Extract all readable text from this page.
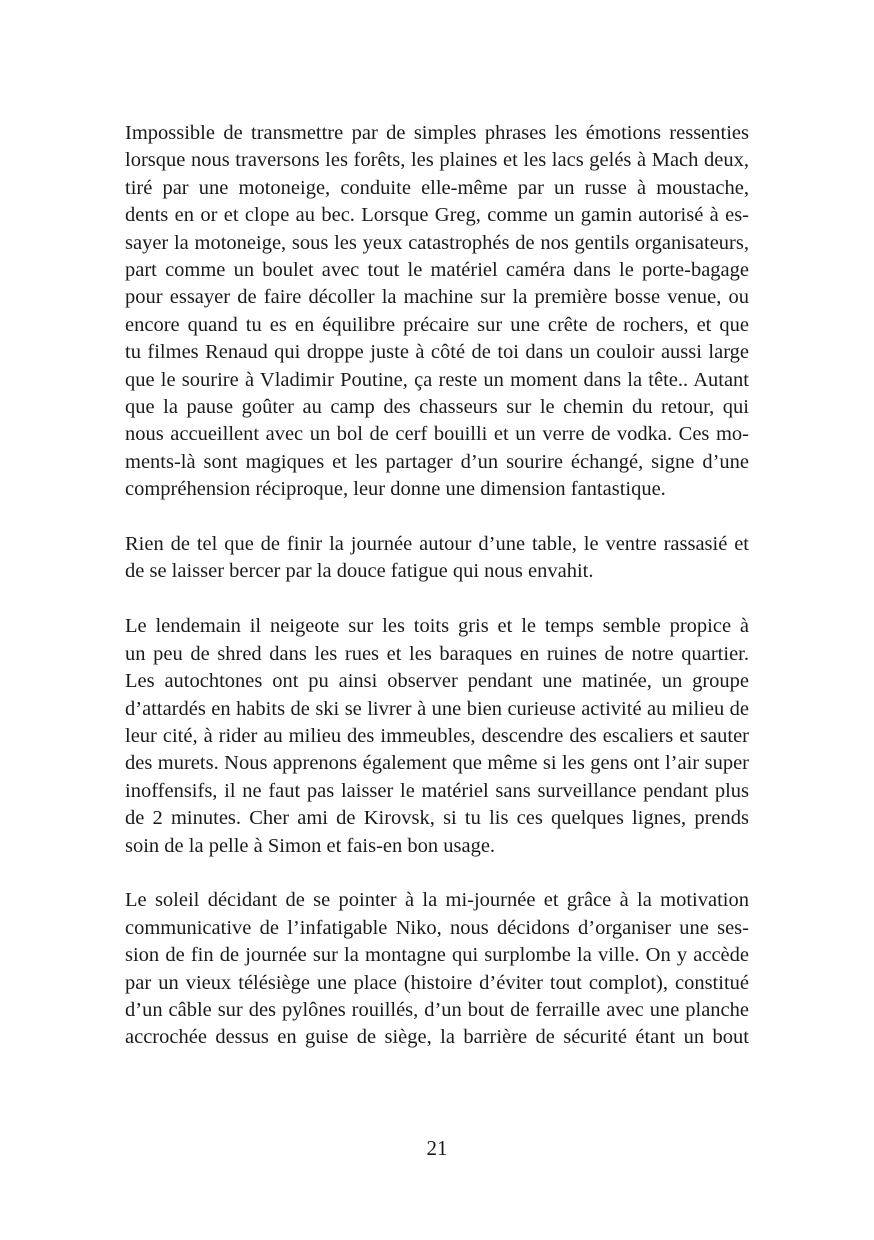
Impossible de transmettre par de simples phrases les émotions ressenties
lorsque nous traversons les forêts, les plaines et les lacs gelés à Mach deux,
tiré par une motoneige, conduite elle-même par un russe à moustache,
dents en or et clope au bec. Lorsque Greg, comme un gamin autorisé à es-
sayer la motoneige, sous les yeux catastrophés de nos gentils organisateurs,
part comme un boulet avec tout le matériel caméra dans le porte-bagage
pour essayer de faire décoller la machine sur la première bosse venue, ou
encore quand tu es en équilibre précaire sur une crête de rochers, et que
tu filmes Renaud qui droppe juste à côté de toi dans un couloir aussi large
que le sourire à Vladimir Poutine, ça reste un moment dans la tête.. Autant
que la pause goûter au camp des chasseurs sur le chemin du retour, qui
nous accueillent avec un bol de cerf bouilli et un verre de vodka. Ces mo-
ments-là sont magiques et les partager d’un sourire échangé, signe d’une
compréhension réciproque, leur donne une dimension fantastique.
Rien de tel que de finir la journée autour d’une table, le ventre rassasié et
de se laisser bercer par la douce fatigue qui nous envahit.
Le lendemain il neigeote sur les toits gris et le temps semble propice à
un peu de shred dans les rues et les baraques en ruines de notre quartier.
Les autochtones ont pu ainsi observer pendant une matinée, un groupe
d’attardés en habits de ski se livrer à une bien curieuse activité au milieu de
leur cité, à rider au milieu des immeubles, descendre des escaliers et sauter
des murets. Nous apprenons également que même si les gens ont l’air super
inoffensifs, il ne faut pas laisser le matériel sans surveillance pendant plus
de 2 minutes. Cher ami de Kirovsk, si tu lis ces quelques lignes, prends
soin de la pelle à Simon et fais-en bon usage.
Le soleil décidant de se pointer à la mi-journée et grâce à la motivation
communicative de l’infatigable Niko, nous décidons d’organiser une ses-
sion de fin de journée sur la montagne qui surplombe la ville. On y accède
par un vieux télésiège une place (histoire d’éviter tout complot), constitué
d’un câble sur des pylônes rouillés, d’un bout de ferraille avec une planche
accrochée dessus en guise de siège, la barrière de sécurité étant un bout
21
